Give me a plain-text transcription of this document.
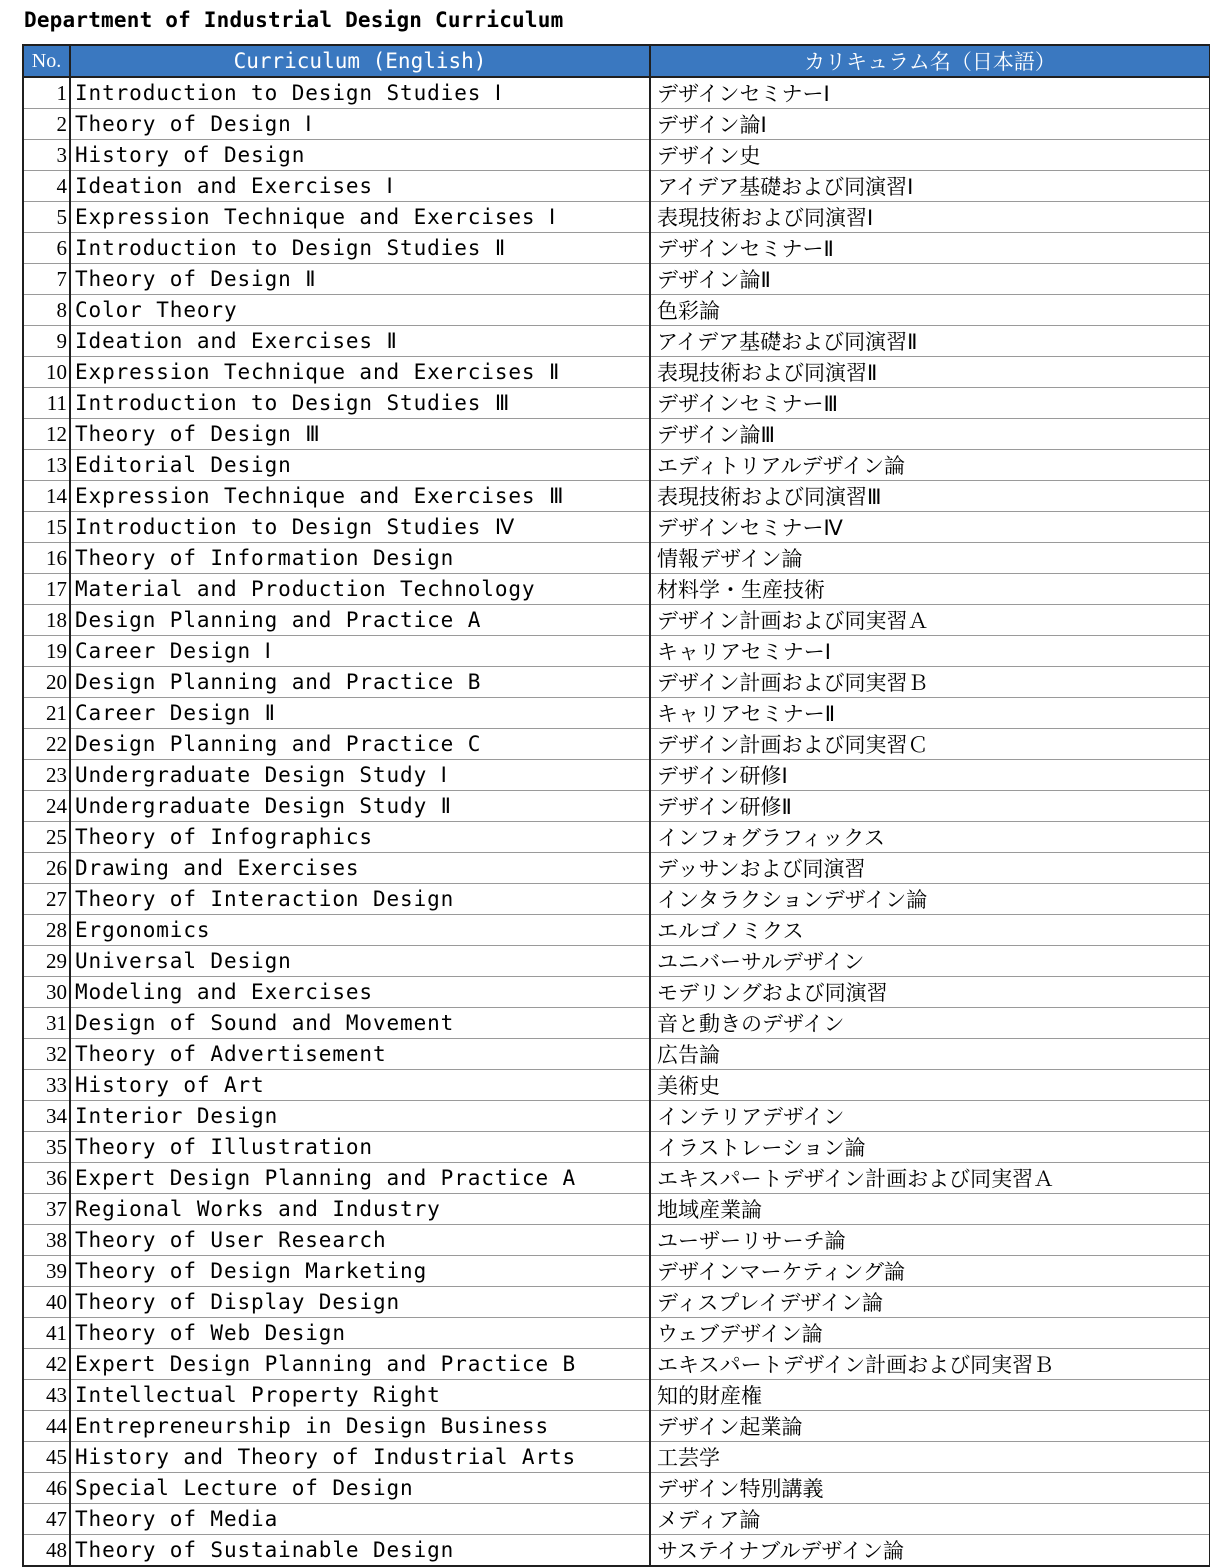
Department of Industrial Design Curriculum
No.	Curriculum (English)	カリキュラム名（日本語）
1	Introduction to Design Studies Ⅰ	デザインセミナーⅠ
2	Theory of Design Ⅰ	デザイン論Ⅰ
3	History of Design	デザイン史
4	Ideation and Exercises Ⅰ	アイデア基礎および同演習Ⅰ
5	Expression Technique and Exercises Ⅰ	表現技術および同演習Ⅰ
6	Introduction to Design Studies Ⅱ	デザインセミナーⅡ
7	Theory of Design Ⅱ	デザイン論Ⅱ
8	Color Theory	色彩論
9	Ideation and Exercises Ⅱ	アイデア基礎および同演習Ⅱ
10	Expression Technique and Exercises Ⅱ	表現技術および同演習Ⅱ
11	Introduction to Design Studies Ⅲ	デザインセミナーⅢ
12	Theory of Design Ⅲ	デザイン論Ⅲ
13	Editorial Design	エディトリアルデザイン論
14	Expression Technique and Exercises Ⅲ	表現技術および同演習Ⅲ
15	Introduction to Design Studies Ⅳ	デザインセミナーⅣ
16	Theory of Information Design	情報デザイン論
17	Material and Production Technology	材料学・生産技術
18	Design Planning and Practice A	デザイン計画および同実習Ａ
19	Career Design Ⅰ	キャリアセミナーⅠ
20	Design Planning and Practice B	デザイン計画および同実習Ｂ
21	Career Design Ⅱ	キャリアセミナーⅡ
22	Design Planning and Practice C	デザイン計画および同実習Ｃ
23	Undergraduate Design Study Ⅰ	デザイン研修Ⅰ
24	Undergraduate Design Study Ⅱ	デザイン研修Ⅱ
25	Theory of Infographics	インフォグラフィックス
26	Drawing and Exercises	デッサンおよび同演習
27	Theory of Interaction Design	インタラクションデザイン論
28	Ergonomics	エルゴノミクス
29	Universal Design	ユニバーサルデザイン
30	Modeling and Exercises	モデリングおよび同演習
31	Design of Sound and Movement	音と動きのデザイン
32	Theory of Advertisement	広告論
33	History of Art	美術史
34	Interior Design	インテリアデザイン
35	Theory of Illustration	イラストレーション論
36	Expert Design Planning and Practice A	エキスパートデザイン計画および同実習Ａ
37	Regional Works and Industry	地域産業論
38	Theory of User Research	ユーザーリサーチ論
39	Theory of Design Marketing	デザインマーケティング論
40	Theory of Display Design	ディスプレイデザイン論
41	Theory of Web Design	ウェブデザイン論
42	Expert Design Planning and Practice B	エキスパートデザイン計画および同実習Ｂ
43	Intellectual Property Right	知的財産権
44	Entrepreneurship in Design Business	デザイン起業論
45	History and Theory of Industrial Arts	工芸学
46	Special Lecture of Design	デザイン特別講義
47	Theory of Media	メディア論
48	Theory of Sustainable Design	サステイナブルデザイン論
